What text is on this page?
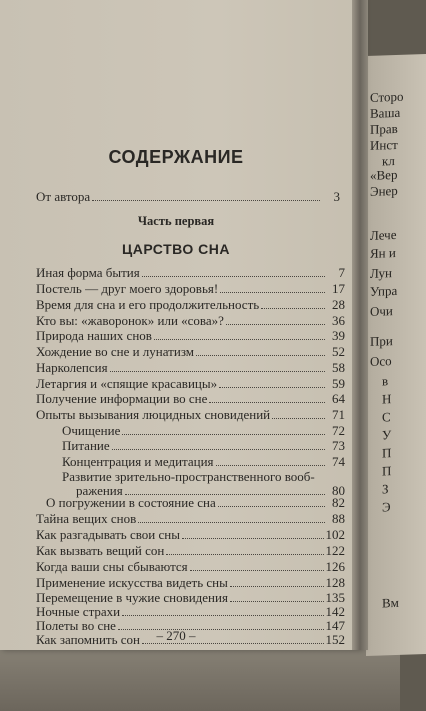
Сторо
Ваша
Прав
Инст
кл
«Вер
Энер
Лече
Ян и
Лун
Упра
Очи
При
Осо
в
Н
С
У
П
П
З
Э
Вм
СОДЕРЖАНИЕ
Часть первая
ЦАРСТВО СНА
От автора	3
Иная форма бытия	7
Постель — друг моего здоровья!	17
Время для сна и его продолжительность	28
Кто вы: «жаворонок» или «сова»?	36
Природа наших снов	39
Хождение во сне и лунатизм	52
Нарколепсия	58
Летаргия и «спящие красавицы»	59
Получение информации во сне	64
Опыты вызывания люцидных сновидений	71
Очищение	72
Питание	73
Концентрация и медитация	74
Развитие зрительно-пространственного вооб-
ражения	80
О погружении в состояние сна	82
Тайна вещих снов	88
Как разгадывать свои сны	102
Как вызвать вещий сон	122
Когда ваши сны сбываются	126
Применение искусства видеть сны	128
Перемещение в чужие сновидения	135
Ночные страхи	142
Полеты во сне	147
Как запомнить сон	152
– 270 –
